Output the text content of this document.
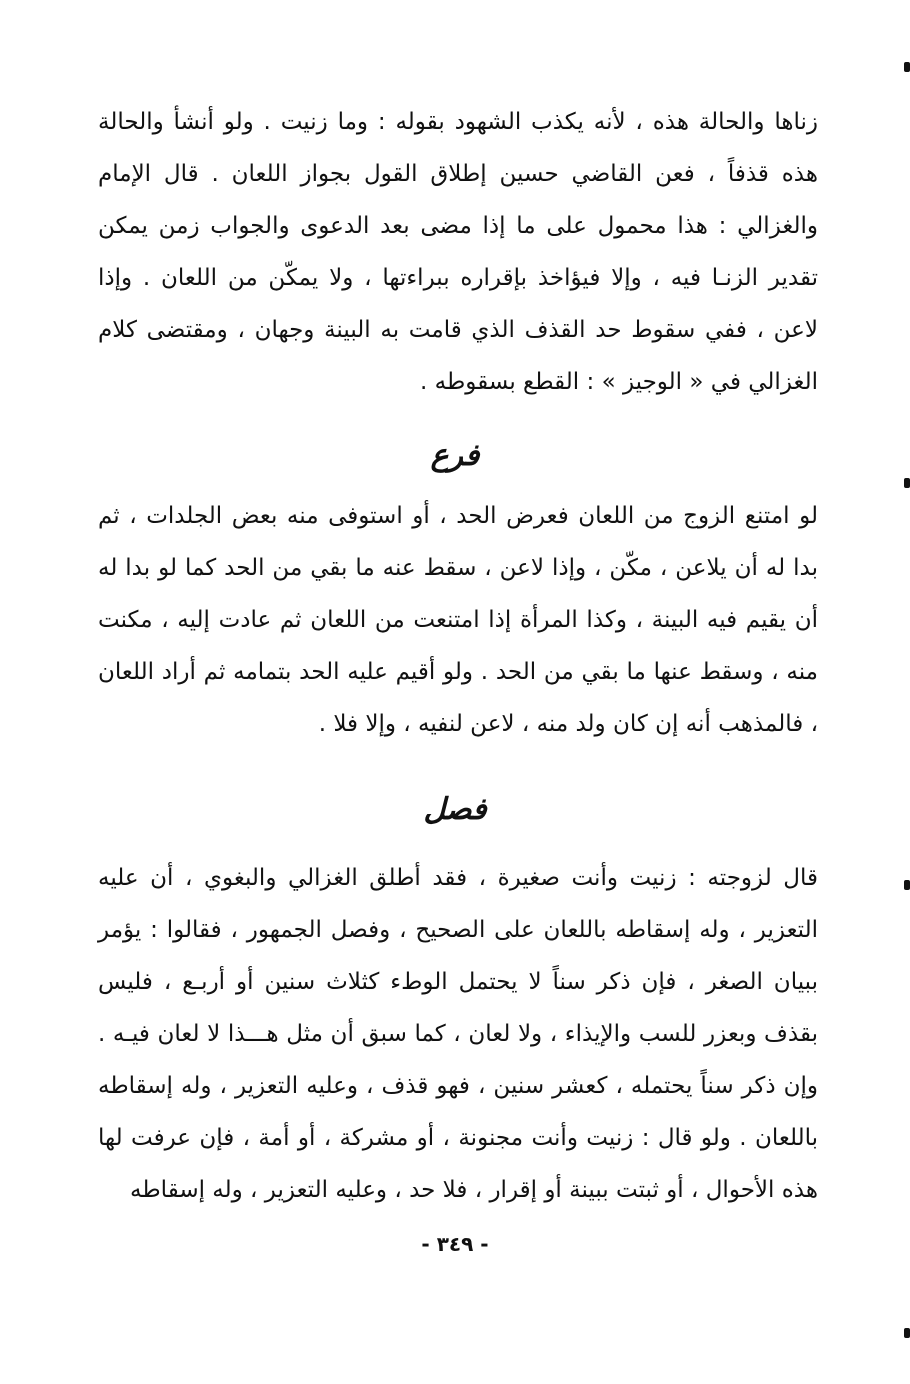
زناها والحالة هذه ، لأنه يكذب الشهود بقوله : وما زنيت . ولو أنشأ والحالة هذه قذفاً ، فعن القاضي حسين إطلاق القول بجواز اللعان . قال الإمام والغزالي : هذا محمول على ما إذا مضى بعد الدعوى والجواب زمن يمكن تقدير الزنـا فيه ، وإلا فيؤاخذ بإقراره ببراءتها ، ولا يمكّن من اللعان . وإذا لاعن ، ففي سقوط حد القذف الذي قامت به البينة وجهان ، ومقتضى كلام الغزالي في « الوجيز » : القطع بسقوطه .

فرع

لو امتنع الزوج من اللعان فعرض الحد ، أو استوفى منه بعض الجلدات ، ثم بدا له أن يلاعن ، مكّن ، وإذا لاعن ، سقط عنه ما بقي من الحد كما لو بدا له أن يقيم فيه البينة ، وكذا المرأة إذا امتنعت من اللعان ثم عادت إليه ، مكنت منه ، وسقط عنها ما بقي من الحد . ولو أقيم عليه الحد بتمامه ثم أراد اللعان ، فالمذهب أنه إن كان ولد منه ، لاعن لنفيه ، وإلا فلا .

فصل

قال لزوجته : زنيت وأنت صغيرة ، فقد أطلق الغزالي والبغوي ، أن عليه التعزير ، وله إسقاطه باللعان على الصحيح ، وفصل الجمهور ، فقالوا : يؤمر ببيان الصغر ، فإن ذكر سناً لا يحتمل الوطء كثلاث سنين أو أربـع ، فليس بقذف وبعزر للسب والإيذاء ، ولا لعان ، كما سبق أن مثل هـــذا لا لعان فيـه . وإن ذكر سناً يحتمله ، كعشر سنين ، فهو قذف ، وعليه التعزير ، وله إسقاطه باللعان . ولو قال : زنيت وأنت مجنونة ، أو مشركة ، أو أمة ، فإن عرفت لها هذه الأحوال ، أو ثبتت ببينة أو إقرار ، فلا حد ، وعليه التعزير ، وله إسقاطه

- ٣٤٩ -
